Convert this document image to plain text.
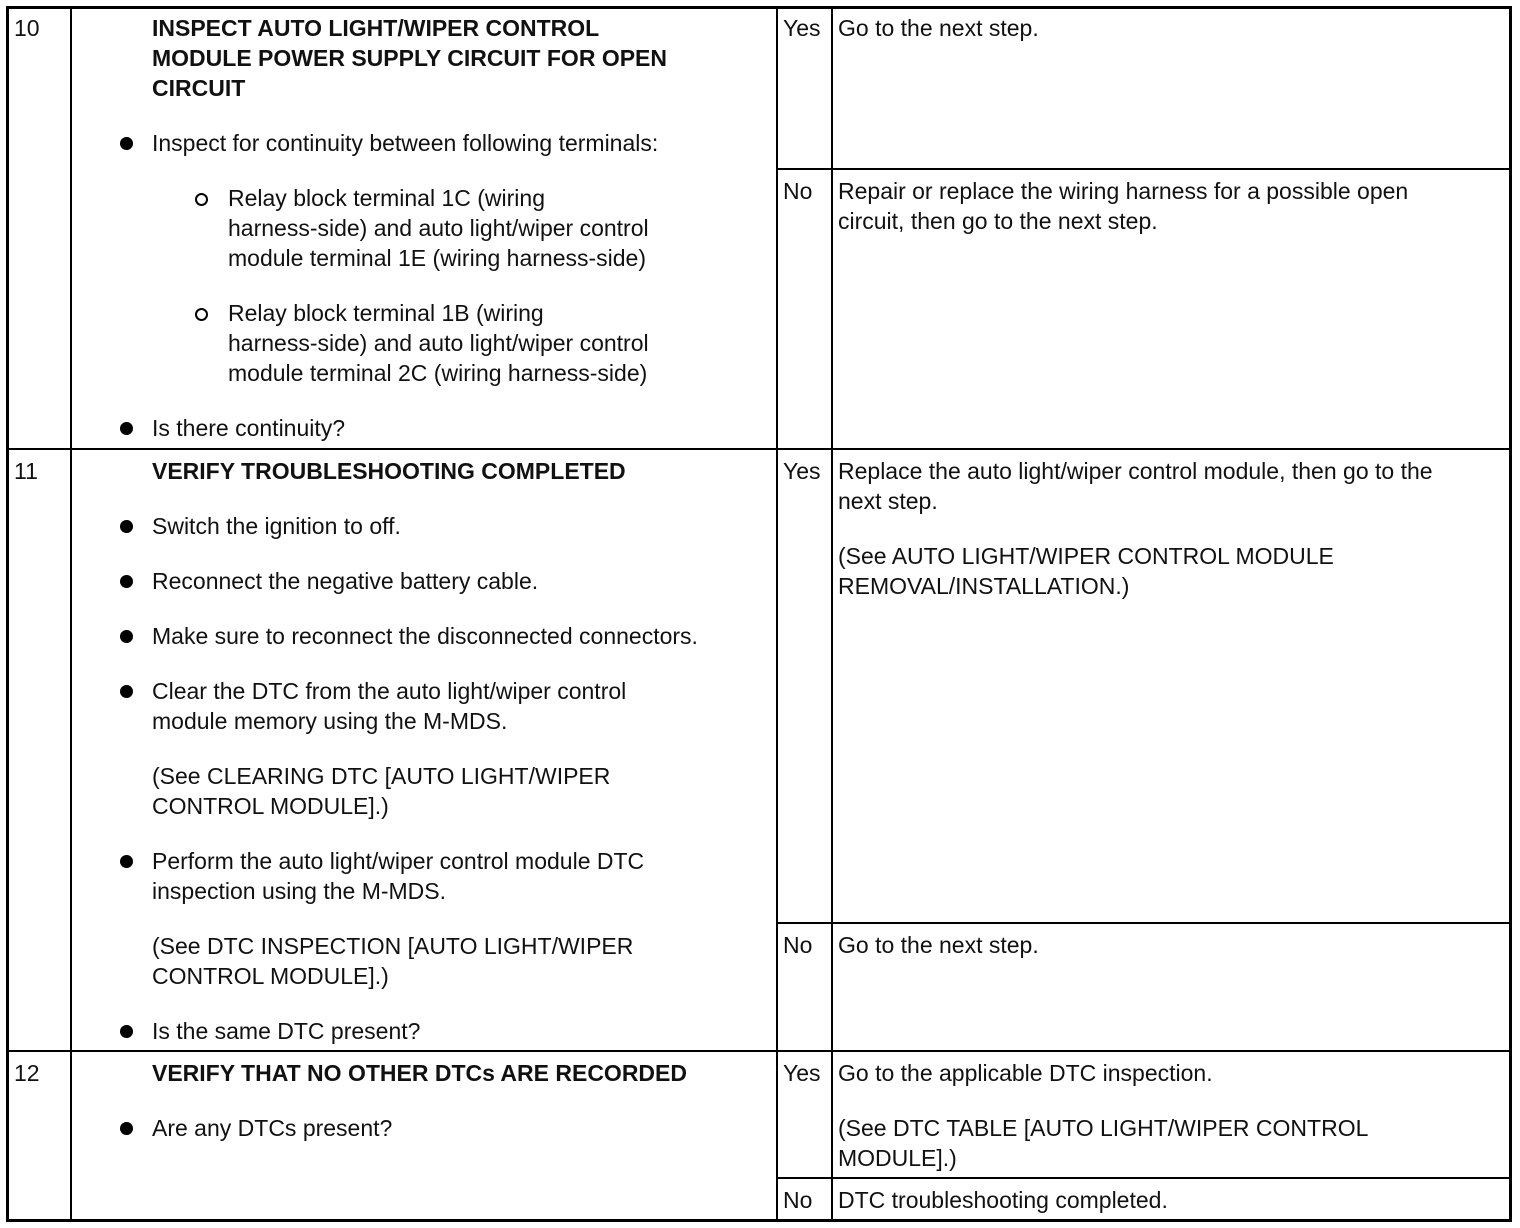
10	INSPECT AUTO LIGHT/WIPER CONTROL
MODULE POWER SUPPLY CIRCUIT FOR OPEN
CIRCUIT
Inspect for continuity between following terminals:
Relay block terminal 1C (wiring
harness-side) and auto light/wiper control
module terminal 1E (wiring harness-side)
Relay block terminal 1B (wiring
harness-side) and auto light/wiper control
module terminal 2C (wiring harness-side)
Is there continuity?
Yes Go to the next step.
No Repair or replace the wiring harness for a possible open
circuit, then go to the next step.
11	VERIFY TROUBLESHOOTING COMPLETED
Switch the ignition to off.
Reconnect the negative battery cable.
Make sure to reconnect the disconnected connectors.
Clear the DTC from the auto light/wiper control
module memory using the M-MDS.
(See CLEARING DTC [AUTO LIGHT/WIPER
CONTROL MODULE].)
Perform the auto light/wiper control module DTC
inspection using the M-MDS.
(See DTC INSPECTION [AUTO LIGHT/WIPER
CONTROL MODULE].)
Is the same DTC present?
Yes Replace the auto light/wiper control module, then go to the
next step.
(See AUTO LIGHT/WIPER CONTROL MODULE
REMOVAL/INSTALLATION.)
No Go to the next step.
12	VERIFY THAT NO OTHER DTCs ARE RECORDED
Are any DTCs present?
Yes Go to the applicable DTC inspection.
(See DTC TABLE [AUTO LIGHT/WIPER CONTROL
MODULE].)
No DTC troubleshooting completed.
